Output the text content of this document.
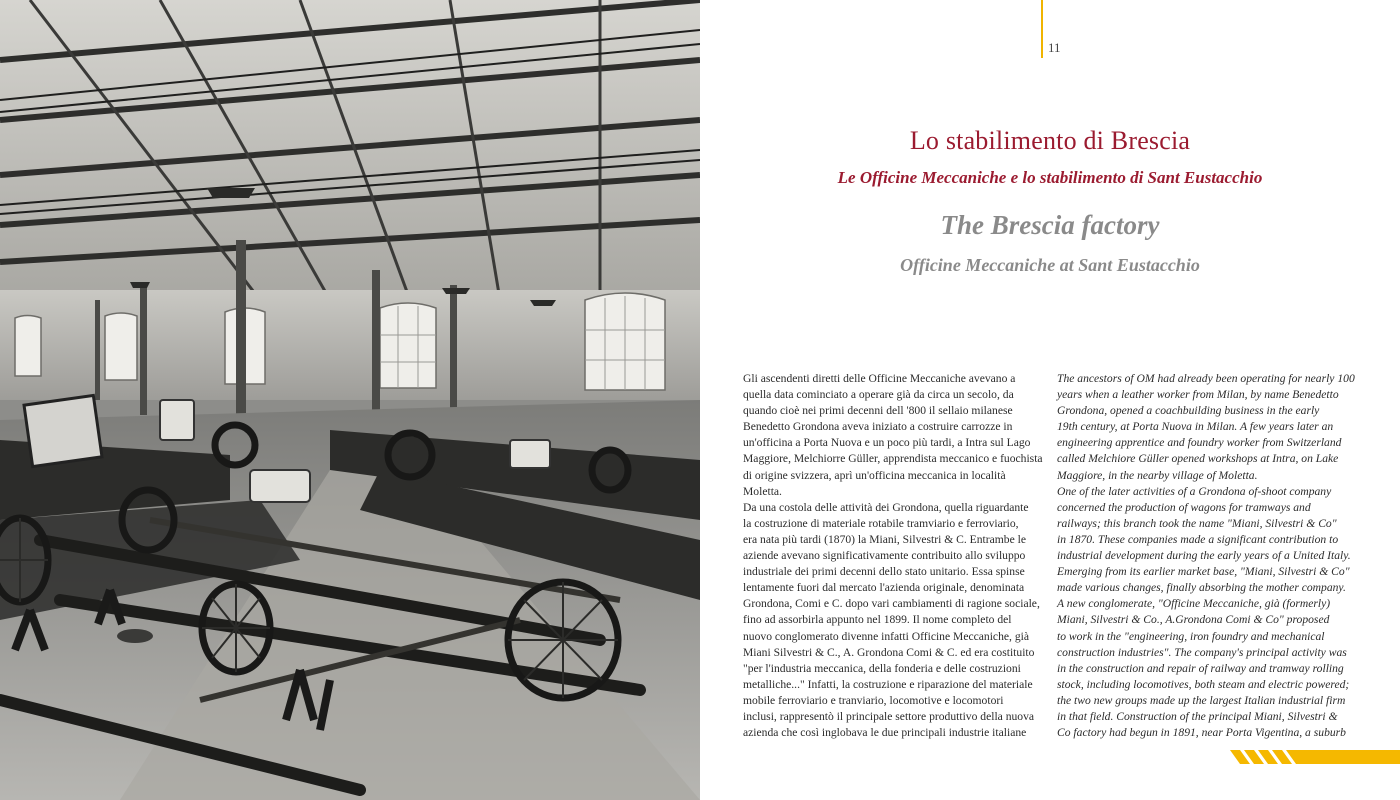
11
Lo stabilimento di Brescia
Le Officine Meccaniche e lo stabilimento di Sant Eustacchio
The Brescia factory
Officine Meccaniche at Sant Eustacchio
Gli ascendenti diretti delle Officine Meccaniche avevano a
quella data cominciato a operare già da circa un secolo, da
quando cioè nei primi decenni dell '800 il sellaio milanese
Benedetto Grondona aveva iniziato a costruire carrozze in
un'officina a Porta Nuova e un poco più tardi, a Intra sul Lago
Maggiore, Melchiorre Güller, apprendista meccanico e fuochista
di origine svizzera, aprì un'officina meccanica in località
Moletta.
Da una costola delle attività dei Grondona, quella riguardante
la costruzione di materiale rotabile tramviario e ferroviario,
era nata più tardi (1870) la Miani, Silvestri & C. Entrambe le
aziende avevano significativamente contribuito allo sviluppo
industriale dei primi decenni dello stato unitario. Essa spinse
lentamente fuori dal mercato l'azienda originale, denominata
Grondona, Comi e C. dopo vari cambiamenti di ragione sociale,
fino ad assorbirla appunto nel 1899. Il nome completo del
nuovo conglomerato divenne infatti Officine Meccaniche, già
Miani Silvestri & C., A. Grondona Comi & C. ed era costituito
"per l'industria meccanica, della fonderia e delle costruzioni
metalliche..." Infatti, la costruzione e riparazione del materiale
mobile ferroviario e tranviario, locomotive e locomotori
inclusi, rappresentò il principale settore produttivo della nuova
azienda che così inglobava le due principali industrie italiane
The ancestors of OM had already been operating for nearly 100
years when a leather worker from Milan, by name Benedetto
Grondona, opened a coachbuilding business in the early
19th century, at Porta Nuova in Milan. A few years later an
engineering apprentice and foundry worker from Switzerland
called Melchiore Güller opened workshops at Intra, on Lake
Maggiore, in the nearby village of Moletta.
One of the later activities of a Grondona of-shoot company
concerned the production of wagons for tramways and
railways; this branch took the name "Miani, Silvestri & Co"
in 1870. These companies made a significant contribution to
industrial development during the early years of a United Italy.
Emerging from its earlier market base, "Miani, Silvestri & Co"
made various changes, finally absorbing the mother company.
A new conglomerate, "Officine Meccaniche, già (formerly)
Miani, Silvestri & Co., A.Grondona Comi & Co" proposed
to work in the "engineering, iron foundry and mechanical
construction industries". The company's principal activity was
in the construction and repair of railway and tramway rolling
stock, including locomotives, both steam and electric powered;
the two new groups made up the largest Italian industrial firm
in that field. Construction of the principal Miani, Silvestri &
Co factory had begun in 1891, near Porta Vigentina, a suburb
